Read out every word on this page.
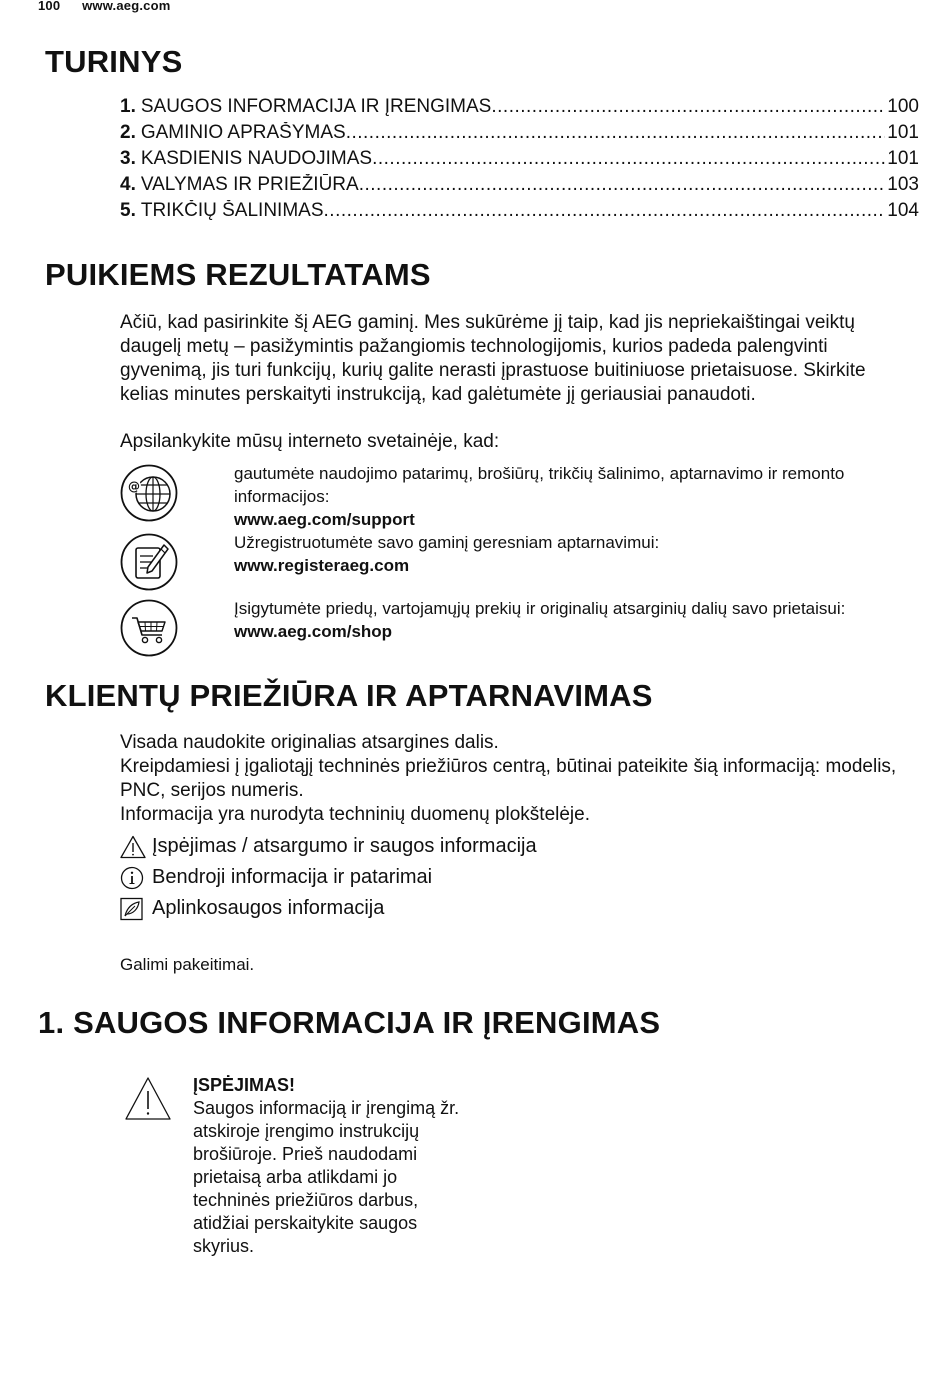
100 www.aeg.com
TURINYS
1. SAUGOS INFORMACIJA IR ĮRENGIMAS .....	100
2. GAMINIO APRAŠYMAS .....	101
3. KASDIENIS NAUDOJIMAS .....	101
4. VALYMAS IR PRIEŽIŪRA .....	103
5. TRIKČIŲ ŠALINIMAS .....	104
PUIKIEMS REZULTATAMS
Ačiū, kad pasirinkite šį AEG gaminį. Mes sukūrėme jį taip, kad jis nepriekaištingai veiktų daugelį metų – pasižymintis pažangiomis technologijomis, kurios padeda palengvinti gyvenimą, jis turi funkcijų, kurių galite nerasti įprastuose buitiniuose prietaisuose. Skirkite kelias minutes perskaityti instrukciją, kad galėtumėte jį geriausiai panaudoti.
Apsilankykite mūsų interneto svetainėje, kad:
@
gautumėte naudojimo patarimų, brošiūrų, trikčių šalinimo, aptarnavimo ir remonto informacijos:
www.aeg.com/support
Užregistruotumėte savo gaminį geresniam aptarnavimui:
www.registeraeg.com
Įsigytumėte priedų, vartojamųjų prekių ir originalių atsarginių dalių savo prietaisui:
www.aeg.com/shop
KLIENTŲ PRIEŽIŪRA IR APTARNAVIMAS
Visada naudokite originalias atsargines dalis.
Kreipdamiesi į įgaliotąjį techninės priežiūros centrą, būtinai pateikite šią informaciją: modelis, PNC, serijos numeris.
Informacija yra nurodyta techninių duomenų plokštelėje.
Įspėjimas / atsargumo ir saugos informacija
Bendroji informacija ir patarimai
Aplinkosaugos informacija
Galimi pakeitimai.
1. SAUGOS INFORMACIJA IR ĮRENGIMAS
ĮSPĖJIMAS!
Saugos informaciją ir įrengimą žr. atskiroje įrengimo instrukcijų brošiūroje. Prieš naudodami prietaisą arba atlikdami jo techninės priežiūros darbus, atidžiai perskaitykite saugos skyrius.
